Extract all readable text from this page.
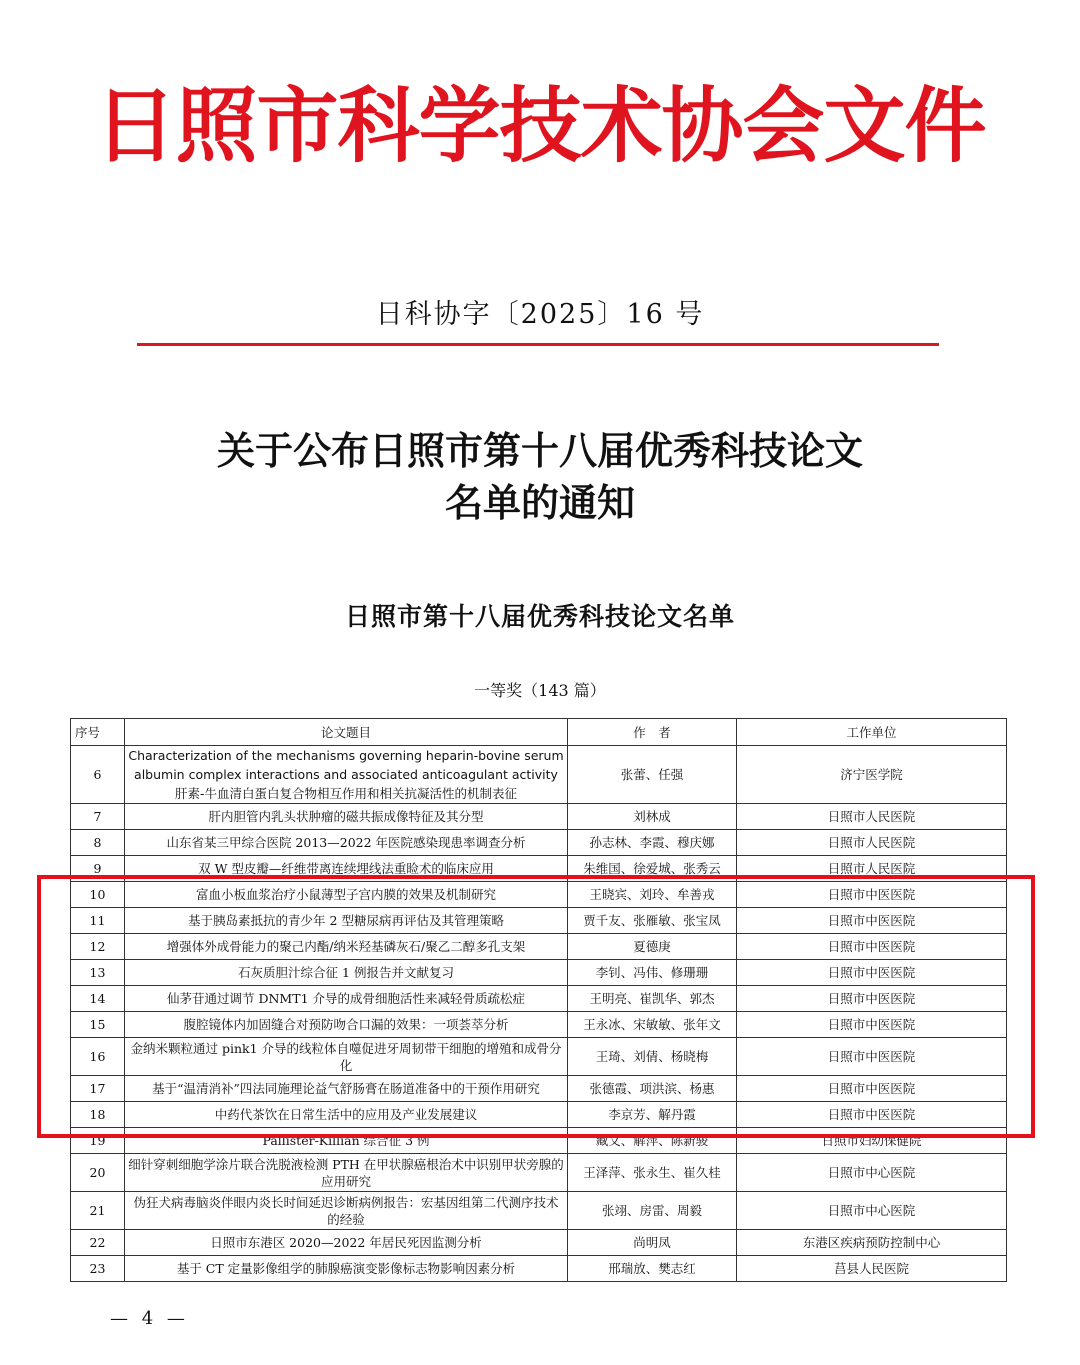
日照市科学技术协会文件
日科协字〔2025〕16 号
关于公布日照市第十八届优秀科技论文
名单的通知
日照市第十八届优秀科技论文名单
一等奖（143 篇）
序号	论文题目	作　者	工作单位
6	Characterization of the mechanisms governing heparin-bovine serum albumin complex interactions and associated anticoagulant activity 肝素-牛血清白蛋白复合物相互作用和相关抗凝活性的机制表征	张蕾、任强	济宁医学院
7	肝内胆管内乳头状肿瘤的磁共振成像特征及其分型	刘林成	日照市人民医院
8	山东省某三甲综合医院 2013—2022 年医院感染现患率调查分析	孙志林、李霞、穆庆娜	日照市人民医院
9	双 W 型皮瓣—纤维带离连续埋线法重睑术的临床应用	朱维国、徐爱城、张秀云	日照市人民医院
10	富血小板血浆治疗小鼠薄型子宫内膜的效果及机制研究	王晓宾、刘玲、牟善戎	日照市中医医院
11	基于胰岛素抵抗的青少年 2 型糖尿病再评估及其管理策略	贾千友、张雁敏、张宝凤	日照市中医医院
12	增强体外成骨能力的聚己内酯/纳米羟基磷灰石/聚乙二醇多孔支架	夏德庚	日照市中医医院
13	石灰质胆汁综合征 1 例报告并文献复习	李钊、冯伟、修珊珊	日照市中医医院
14	仙茅苷通过调节 DNMT1 介导的成骨细胞活性来减轻骨质疏松症	王明亮、崔凯华、郭杰	日照市中医医院
15	腹腔镜体内加固缝合对预防吻合口漏的效果：一项荟萃分析	王永冰、宋敏敏、张年文	日照市中医医院
16	金纳米颗粒通过 pink1 介导的线粒体自噬促进牙周韧带干细胞的增殖和成骨分化	王琦、刘倩、杨晓梅	日照市中医医院
17	基于“温清消补”四法同施理论益气舒肠膏在肠道准备中的干预作用研究	张德霞、项洪滨、杨惠	日照市中医医院
18	中药代茶饮在日常生活中的应用及产业发展建议	李京芳、解丹霞	日照市中医医院
19	Pallister-Killian 综合征 3 例	臧文、解萍、陈新骏	日照市妇幼保健院
20	细针穿刺细胞学涂片联合洗脱液检测 PTH 在甲状腺癌根治术中识别甲状旁腺的应用研究	王泽萍、张永生、崔久桂	日照市中心医院
21	伪狂犬病毒脑炎伴眼内炎长时间延迟诊断病例报告：宏基因组第二代测序技术的经验	张翊、房雷、周毅	日照市中心医院
22	日照市东港区 2020—2022 年居民死因监测分析	尚明凤	东港区疾病预防控制中心
23	基于 CT 定量影像组学的肺腺癌演变影像标志物影响因素分析	邢瑞放、樊志红	莒县人民医院
— 4 —
